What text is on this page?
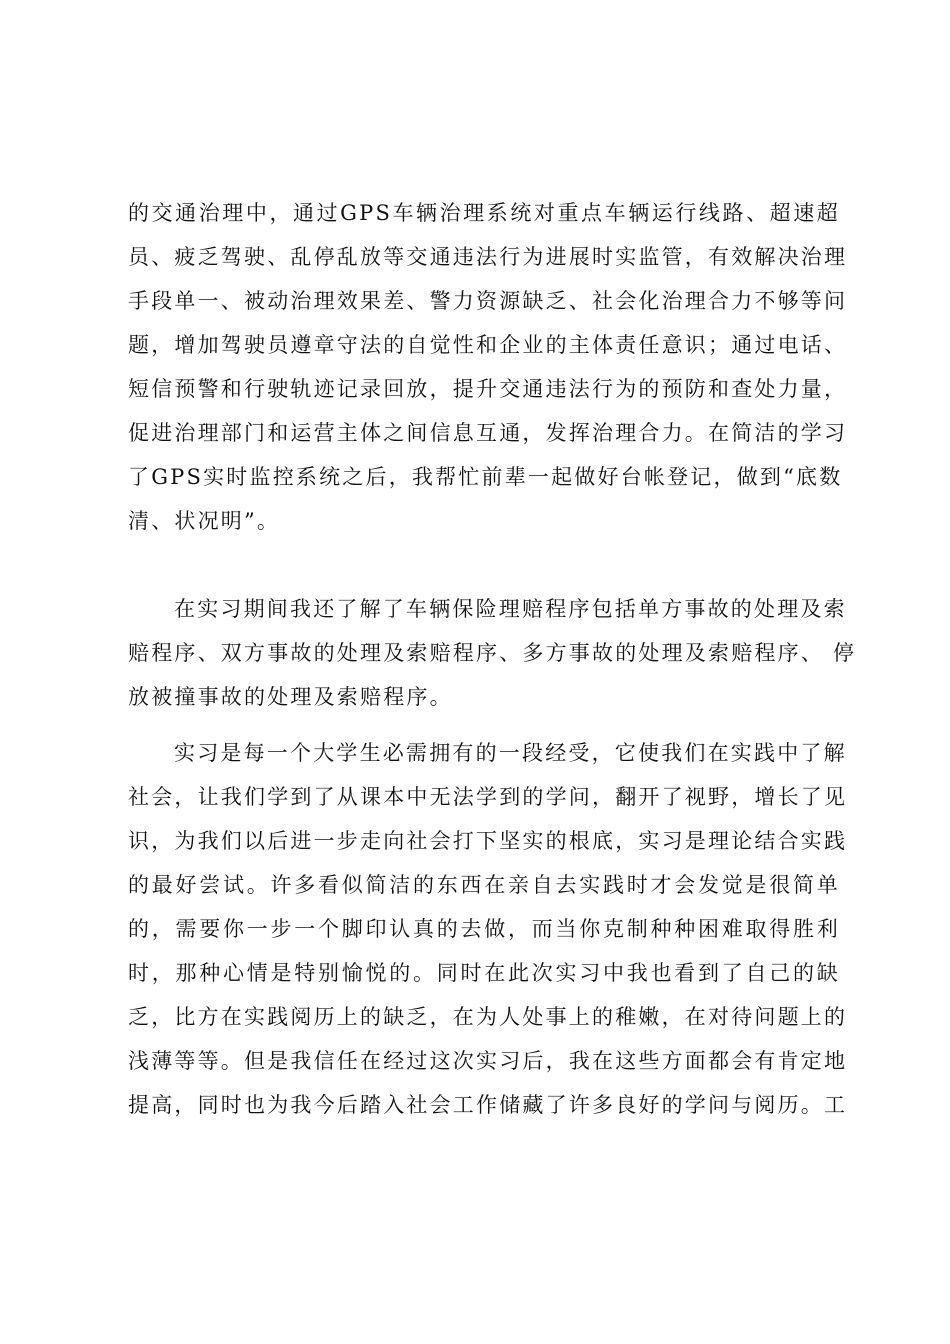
的交通治理中，通过GPS车辆治理系统对重点车辆运行线路、超速超
员、疲乏驾驶、乱停乱放等交通违法行为进展时实监管，有效解决治理
手段单一、被动治理效果差、警力资源缺乏、社会化治理合力不够等问
题，增加驾驶员遵章守法的自觉性和企业的主体责任意识；通过电话、
短信预警和行驶轨迹记录回放，提升交通违法行为的预防和查处力量，
促进治理部门和运营主体之间信息互通，发挥治理合力。在简洁的学习
了GPS实时监控系统之后，我帮忙前辈一起做好台帐登记，做到“底数
清、状况明”。
在实习期间我还了解了车辆保险理赔程序包括单方事故的处理及索
赔程序、双方事故的处理及索赔程序、多方事故的处理及索赔程序、 停
放被撞事故的处理及索赔程序。
实习是每一个大学生必需拥有的一段经受，它使我们在实践中了解
社会，让我们学到了从课本中无法学到的学问，翻开了视野，增长了见
识，为我们以后进一步走向社会打下坚实的根底，实习是理论结合实践
的最好尝试。许多看似简洁的东西在亲自去实践时才会发觉是很简单
的，需要你一步一个脚印认真的去做，而当你克制种种困难取得胜利
时，那种心情是特别愉悦的。同时在此次实习中我也看到了自己的缺
乏，比方在实践阅历上的缺乏，在为人处事上的稚嫩，在对待问题上的
浅薄等等。但是我信任在经过这次实习后，我在这些方面都会有肯定地
提高，同时也为我今后踏入社会工作储藏了许多良好的学问与阅历。工
